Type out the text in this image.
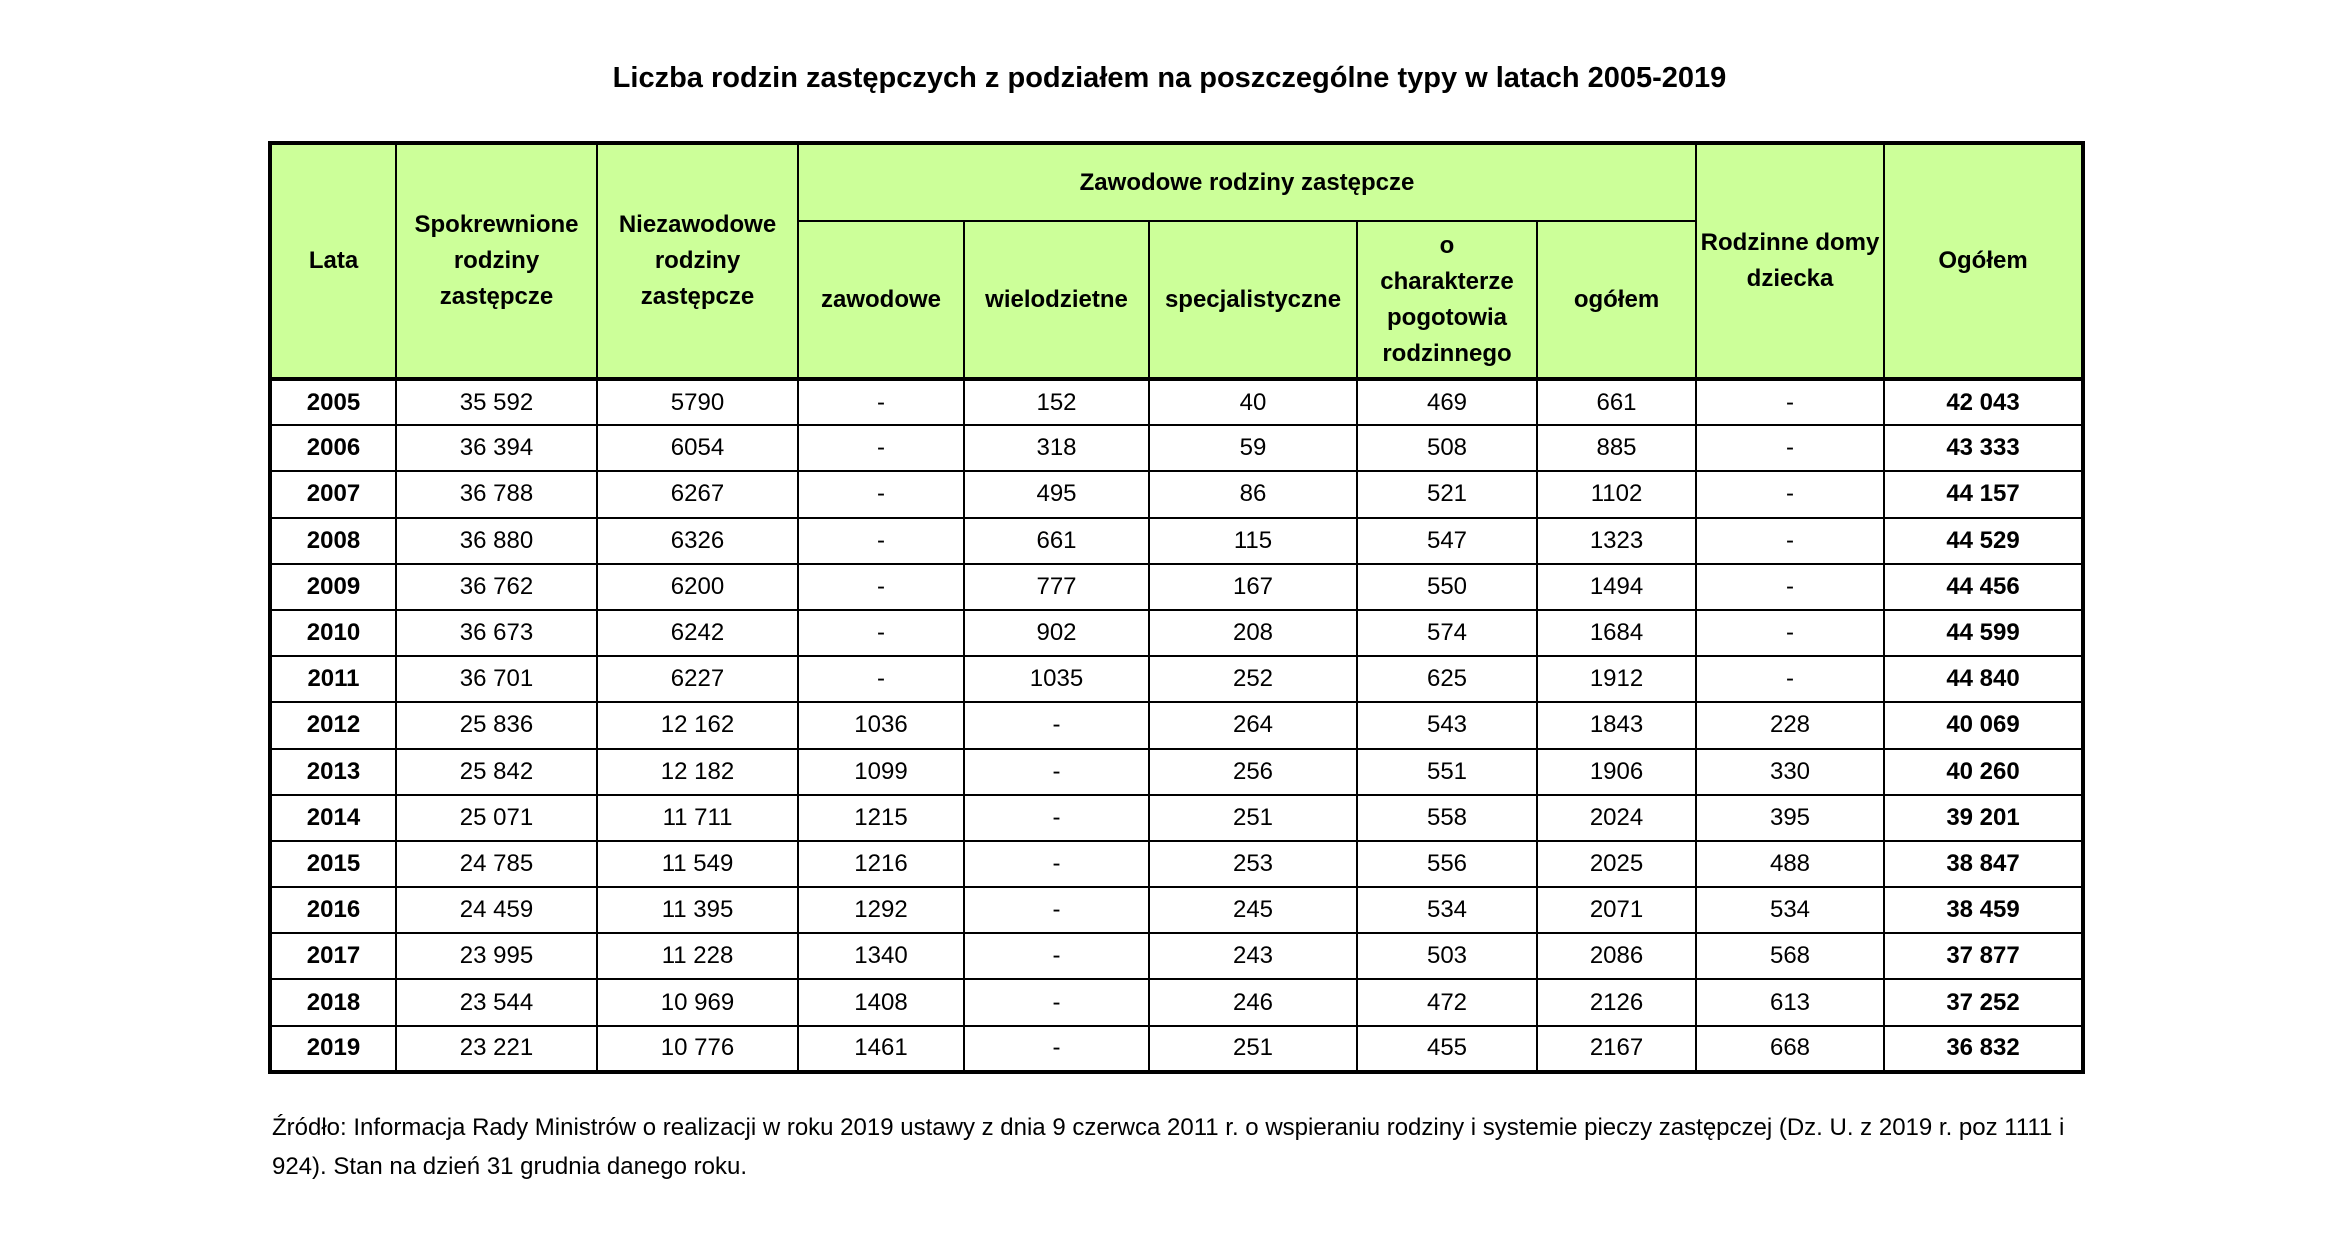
Liczba rodzin zastępczych z podziałem na poszczególne typy w latach 2005-2019
Lata	Spokrewnione rodziny zastępcze	Niezawodowe rodziny zastępcze	Zawodowe rodziny zastępcze					Rodzinne domy dziecka	Ogółem
			zawodowe	wielodzietne	specjalistyczne	o charakterze pogotowia rodzinnego	ogółem		
2005	35 592	5790	-	152	40	469	661	-	42 043
2006	36 394	6054	-	318	59	508	885	-	43 333
2007	36 788	6267	-	495	86	521	1102	-	44 157
2008	36 880	6326	-	661	115	547	1323	-	44 529
2009	36 762	6200	-	777	167	550	1494	-	44 456
2010	36 673	6242	-	902	208	574	1684	-	44 599
2011	36 701	6227	-	1035	252	625	1912	-	44 840
2012	25 836	12 162	1036	-	264	543	1843	228	40 069
2013	25 842	12 182	1099	-	256	551	1906	330	40 260
2014	25 071	11 711	1215	-	251	558	2024	395	39 201
2015	24 785	11 549	1216	-	253	556	2025	488	38 847
2016	24 459	11 395	1292	-	245	534	2071	534	38 459
2017	23 995	11 228	1340	-	243	503	2086	568	37 877
2018	23 544	10 969	1408	-	246	472	2126	613	37 252
2019	23 221	10 776	1461	-	251	455	2167	668	36 832
Źródło: Informacja Rady Ministrów o realizacji w roku 2019 ustawy z dnia 9 czerwca 2011 r. o wspieraniu rodziny i systemie pieczy zastępczej (Dz. U. z 2019 r. poz 1111 i 924). Stan na dzień 31 grudnia danego roku.
